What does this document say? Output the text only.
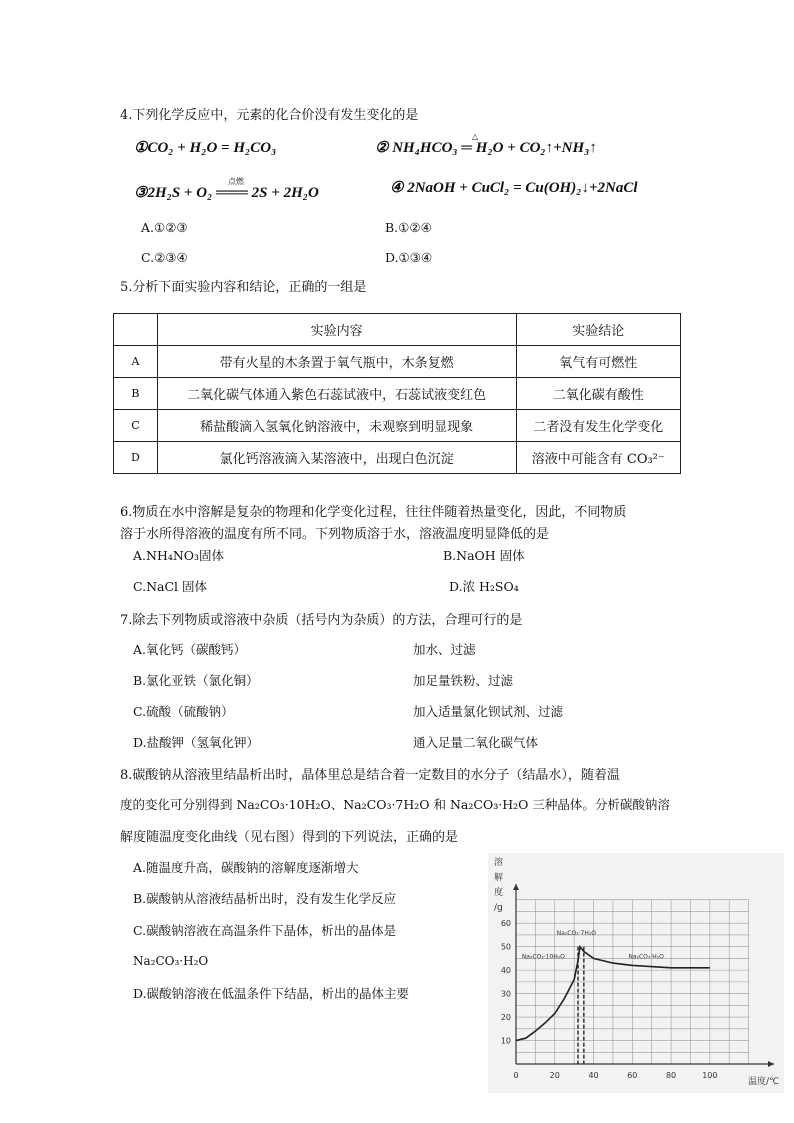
4.下列化学反应中，元素的化合价没有发生变化的是
①CO₂ + H₂O = H₂CO₃
△
② NH₄HCO₃ ═ H₂O + CO₂↑+NH₃↑
点燃
③2H₂S + O₂ ═══ 2S + 2H₂O	④ 2NaOH + CuCl₂ = Cu(OH)₂↓+2NaCl
A.①②③	B.①②④
C.②③④	D.①③④
5.分析下面实验内容和结论，正确的一组是
	实验内容	实验结论
A	带有火星的木条置于氧气瓶中，木条复燃	氧气有可燃性
B	二氧化碳气体通入紫色石蕊试液中，石蕊试液变红色	二氧化碳有酸性
C	稀盐酸滴入氢氧化钠溶液中，未观察到明显现象	二者没有发生化学变化
D	氯化钙溶液滴入某溶液中，出现白色沉淀	溶液中可能含有 CO₃²⁻
6.物质在水中溶解是复杂的物理和化学变化过程，往往伴随着热量变化，因此，不同物质
溶于水所得溶液的温度有所不同。下列物质溶于水，溶液温度明显降低的是
A.NH₄NO₃固体	B.NaOH 固体
C.NaCl 固体	D.浓 H₂SO₄
7.除去下列物质或溶液中杂质（括号内为杂质）的方法，合理可行的是
A.氧化钙（碳酸钙）	加水、过滤
B.氯化亚铁（氯化铜）	加足量铁粉、过滤
C.硫酸（硫酸钠）	加入适量氯化钡试剂、过滤
D.盐酸钾（氢氧化钾）	通入足量二氧化碳气体
8.碳酸钠从溶液里结晶析出时，晶体里总是结合着一定数目的水分子（结晶水），随着温
度的变化可分别得到 Na₂CO₃·10H₂O、Na₂CO₃·7H₂O 和 Na₂CO₃·H₂O 三种晶体。分析碳酸钠溶
解度随温度变化曲线（见右图）得到的下列说法，正确的是
A.随温度升高，碳酸钠的溶解度逐渐增大
B.碳酸钠从溶液结晶析出时，没有发生化学反应
C.碳酸钠溶液在高温条件下晶体，析出的晶体是
Na₂CO₃·H₂O
D.碳酸钠溶液在低温条件下结晶，析出的晶体主要
溶
解
度
/g
温度/℃
0	20	40	60	80	100
10
20
30
40
50
60
Na₂CO₃·10H₂O
Na₂CO₃·7H₂O
Na₂CO₃·H₂O
